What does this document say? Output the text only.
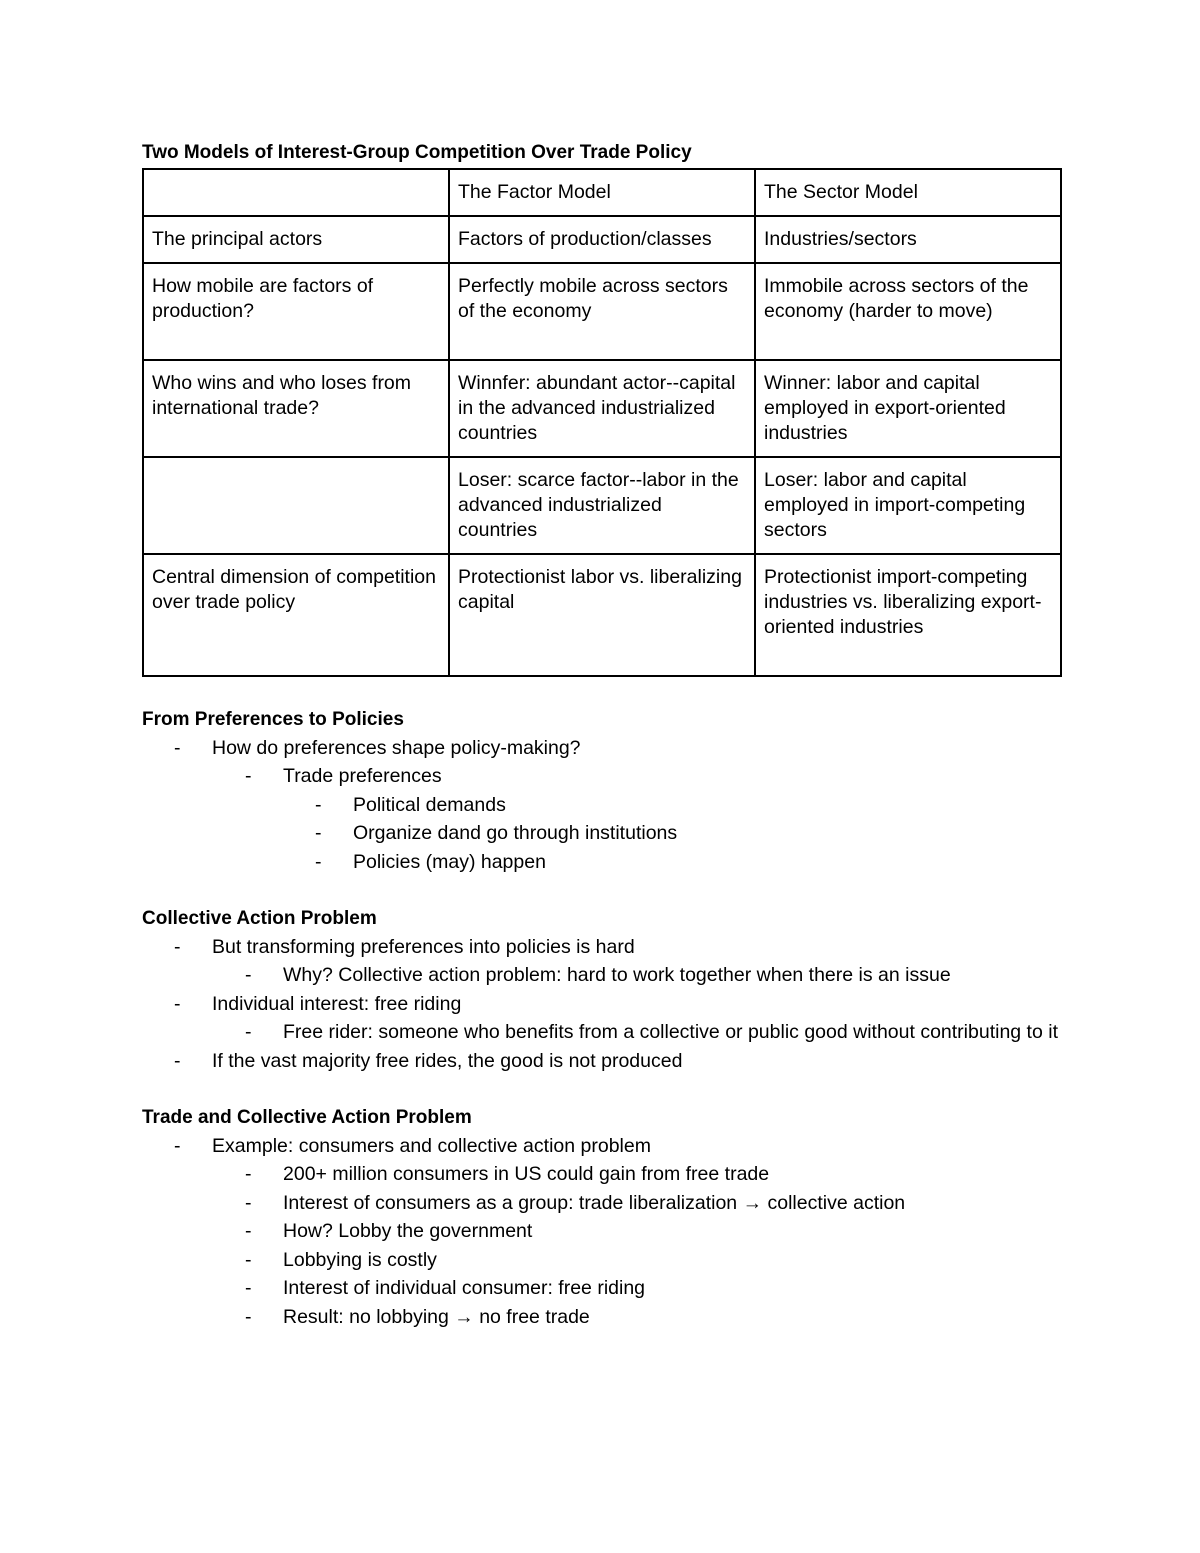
Two Models of Interest-Group Competition Over Trade Policy
	The Factor Model	The Sector Model
The principal actors	Factors of production/classes	Industries/sectors
How mobile are factors of production?	Perfectly mobile across sectors of the economy	Immobile across sectors of the economy (harder to move)
Who wins and who loses from international trade?	Winnfer: abundant actor--capital in the advanced industrialized countries	Winner: labor and capital employed in export-oriented industries
	Loser: scarce factor--labor in the advanced industrialized countries	Loser: labor and capital employed in import-competing sectors
Central dimension of competition over trade policy	Protectionist labor vs. liberalizing capital	Protectionist import-competing industries vs. liberalizing export-oriented industries
From Preferences to Policies
- How do preferences shape policy-making?
- Trade preferences
- Political demands
- Organize dand go through institutions
- Policies (may) happen
Collective Action Problem
- But transforming preferences into policies is hard
- Why? Collective action problem: hard to work together when there is an issue
- Individual interest: free riding
- Free rider: someone who benefits from a collective or public good without contributing to it
- If the vast majority free rides, the good is not produced
Trade and Collective Action Problem
- Example: consumers and collective action problem
- 200+ million consumers in US could gain from free trade
- Interest of consumers as a group: trade liberalization → collective action
- How? Lobby the government
- Lobbying is costly
- Interest of individual consumer: free riding
- Result: no lobbying → no free trade
